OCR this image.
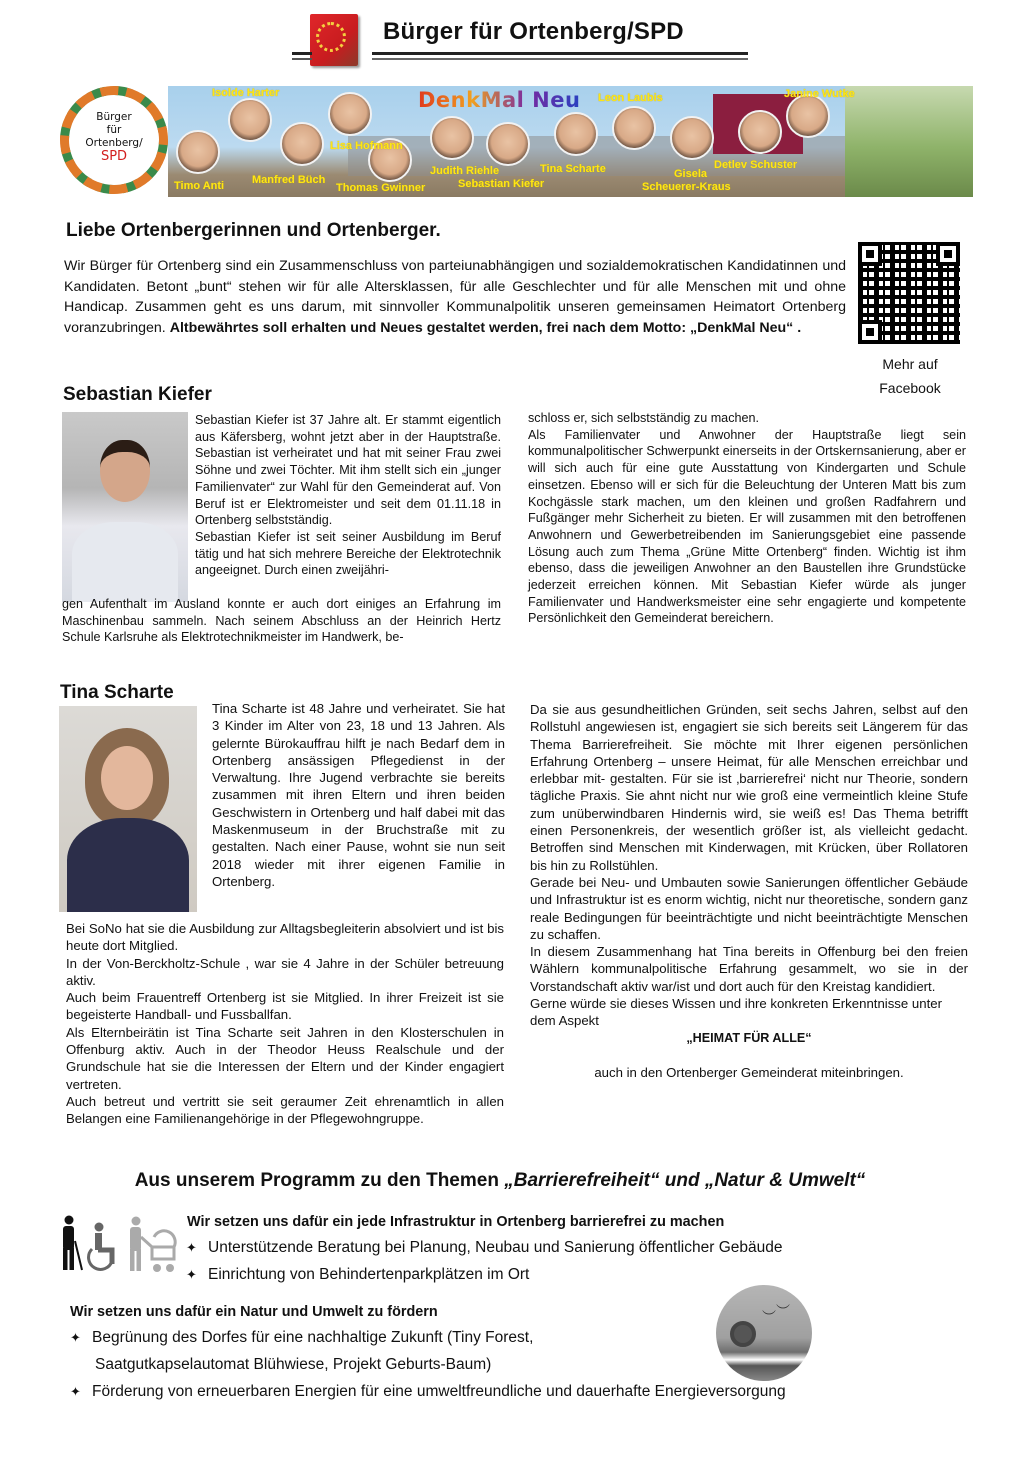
Bürger für Ortenberg/SPD
Bürger
für
Ortenberg/
SPD
DenkMal Neu
Timo Anti
Isolde Harter
Manfred Büch
Lisa Hofmann
Thomas Gwinner
Judith Riehle
Sebastian Kiefer
Tina Scharte
Leon Laubis
Gisela
Scheuerer-Kraus
Detlev Schuster
Janine Wutke
Liebe Ortenbergerinnen und Ortenberger.
Wir Bürger für Ortenberg sind ein Zusammenschluss von parteiunabhängigen und sozialdemokratischen Kandidatinnen und Kandidaten. Betont „bunt“ stehen wir für alle Altersklassen, für alle Geschlechter und für alle Menschen mit und ohne Handicap. Zusammen geht es uns darum, mit sinnvoller Kommunalpolitik unseren gemeinsamen Heimatort Ortenberg voranzubringen. Altbewährtes soll erhalten und Neues gestaltet werden, frei nach dem Motto: „DenkMal Neu“ .
Mehr auf
Facebook
Sebastian Kiefer
Sebastian Kiefer ist 37 Jahre alt. Er stammt eigentlich aus Käfersberg, wohnt jetzt aber in der Hauptstraße. Sebastian ist verheiratet und hat mit seiner Frau zwei Söhne und zwei Töchter. Mit ihm stellt sich ein „junger Familienvater“ zur Wahl für den Gemeinderat auf. Von Beruf ist er Elektromeister und seit dem 01.11.18 in Ortenberg selbstständig.
Sebastian Kiefer ist seit seiner Ausbildung im Beruf tätig und hat sich mehrere Bereiche der Elektrotechnik angeeignet. Durch einen zweijähri-
gen Aufenthalt im Ausland konnte er auch dort einiges an Erfahrung im Maschinenbau sammeln. Nach seinem Abschluss an der Heinrich Hertz Schule Karlsruhe als Elektrotechnikmeister im Handwerk, be-
schloss er, sich selbstständig zu machen.
Als Familienvater und Anwohner der Hauptstraße liegt sein kommunalpolitischer Schwerpunkt einerseits in der Ortskernsanierung, aber er will sich auch für eine gute Ausstattung von Kindergarten und Schule einsetzen. Ebenso will er sich für die Beleuchtung der Unteren Matt bis zum Kochgässle stark machen, um den kleinen und großen Radfahrern und Fußgänger mehr Sicherheit zu bieten. Er will zusammen mit den betroffenen Anwohnern und Gewerbetreibenden im Sanierungsgebiet eine passende Lösung auch zum Thema „Grüne Mitte Ortenberg“ finden. Wichtig ist ihm ebenso, dass die jeweiligen Anwohner an den Baustellen ihre Grundstücke jederzeit erreichen können. Mit Sebastian Kiefer würde als junger Familienvater und Handwerksmeister eine sehr engagierte und kompetente Persönlichkeit den Gemeinderat bereichern.
Tina Scharte
Tina Scharte ist 48 Jahre und verheiratet. Sie hat 3 Kinder im Alter von 23, 18 und 13 Jahren. Als gelernte Bürokauffrau hilft je nach Bedarf dem in Ortenberg ansässigen Pflegedienst in der Verwaltung. Ihre Jugend verbrachte sie bereits zusammen mit ihren Eltern und ihren beiden Geschwistern in Ortenberg und half dabei mit das Maskenmuseum in der Bruchstraße mit zu gestalten. Nach einer Pause, wohnt sie nun seit 2018 wieder mit ihrer eigenen Familie in Ortenberg.
Bei SoNo hat sie die Ausbildung zur Alltagsbegleiterin absolviert und ist bis heute dort Mitglied.
In der Von-Berckholtz-Schule , war sie 4 Jahre in der Schüler betreuung aktiv.
Auch beim Frauentreff Ortenberg ist sie Mitglied. In ihrer Freizeit ist sie begeisterte Handball- und Fussballfan.
Als Elternbeirätin ist Tina Scharte seit Jahren in den Klosterschulen in Offenburg aktiv. Auch in der Theodor Heuss Realschule und der Grundschule hat sie die Interessen der Eltern und der Kinder engagiert vertreten.
Auch betreut und vertritt sie seit geraumer Zeit ehrenamtlich in allen Belangen eine Familienangehörige in der Pflegewohngruppe.
Da sie aus gesundheitlichen Gründen, seit sechs Jahren, selbst auf den Rollstuhl angewiesen ist, engagiert sie sich bereits seit Längerem für das Thema Barrierefreiheit. Sie möchte mit Ihrer eigenen persönlichen Erfahrung Ortenberg – unsere Heimat, für alle Menschen erreichbar und erlebbar mit- gestalten. Für sie ist ‚barrierefrei‘ nicht nur Theorie, sondern tägliche Praxis. Sie ahnt nicht nur wie groß eine vermeintlich kleine Stufe zum unüberwindbaren Hindernis wird, sie weiß es! Das Thema betrifft einen Personenkreis, der wesentlich größer ist, als vielleicht gedacht. Betroffen sind Menschen mit Kinderwagen, mit Krücken, über Rollatoren bis hin zu Rollstühlen.
Gerade bei Neu- und Umbauten sowie Sanierungen öffentlicher Gebäude und Infrastruktur ist es enorm wichtig, nicht nur theoretische, sondern ganz reale Bedingungen für beeinträchtigte und nicht beeinträchtigte Menschen zu schaffen.
In diesem Zusammenhang hat Tina bereits in Offenburg bei den freien Wählern kommunalpolitische Erfahrung gesammelt, wo sie in der Vorstandschaft aktiv war/ist und dort auch für den Kreistag kandidiert.
Gerne würde sie dieses Wissen und ihre konkreten Erkenntnisse unter dem Aspekt
„HEIMAT FÜR ALLE“
auch in den Ortenberger Gemeinderat miteinbringen.
Aus unserem Programm zu den Themen „Barrierefreiheit“ und „Natur & Umwelt“
Wir setzen uns dafür ein jede Infrastruktur in Ortenberg barrierefrei zu machen
✦ Unterstützende Beratung bei Planung, Neubau und Sanierung öffentlicher Gebäude
✦ Einrichtung von Behindertenparkplätzen im Ort
Wir setzen uns dafür ein Natur und Umwelt zu fördern
✦ Begrünung des Dorfes für eine nachhaltige Zukunft (Tiny Forest,
Saatgutkapselautomat Blühwiese, Projekt Geburts-Baum)
✦ Förderung von erneuerbaren Energien für eine umweltfreundliche und dauerhafte Energieversorgung
︶ ︶
